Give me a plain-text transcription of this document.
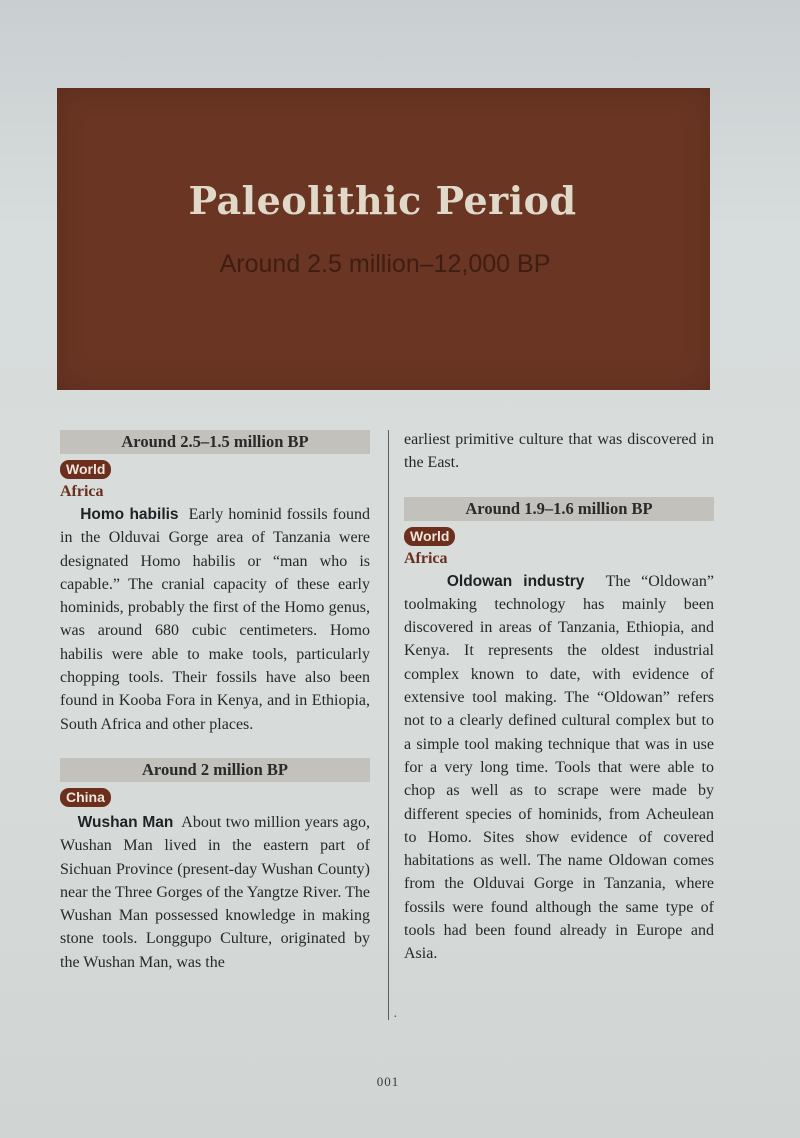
Paleolithic Period
Around 2.5 million–12,000 BP
Around 2.5–1.5 million BP
World
Africa

Homo habilis Early hominid fossils found in the Olduvai Gorge area of Tanzania were designated Homo habilis or “man who is capable.” The cranial capacity of these early hominids, probably the first of the Homo genus, was around 680 cubic centimeters. Homo habilis were able to make tools, particularly chopping tools. Their fossils have also been found in Kooba Fora in Kenya, and in Ethiopia, South Africa and other places.

Around 2 million BP
China

Wushan Man About two million years ago, Wushan Man lived in the eastern part of Sichuan Province (present-day Wushan County) near the Three Gorges of the Yangtze River. The Wushan Man possessed knowledge in making stone tools. Longgupo Culture, originated by the Wushan Man, was the

·

earliest primitive culture that was discovered in the East.

Around 1.9–1.6 million BP
World
Africa

Oldowan industry The “Oldowan” toolmaking technology has mainly been discovered in areas of Tanzania, Ethiopia, and Kenya. It represents the oldest industrial complex known to date, with evidence of extensive tool making. The “Oldowan” refers not to a clearly defined cultural complex but to a simple tool making technique that was in use for a very long time. Tools that were able to chop as well as to scrape were made by different species of hominids, from Acheulean to Homo. Sites show evidence of covered habitations as well. The name Oldowan comes from the Olduvai Gorge in Tanzania, where fossils were found although the same type of tools had been found already in Europe and Asia.

001
